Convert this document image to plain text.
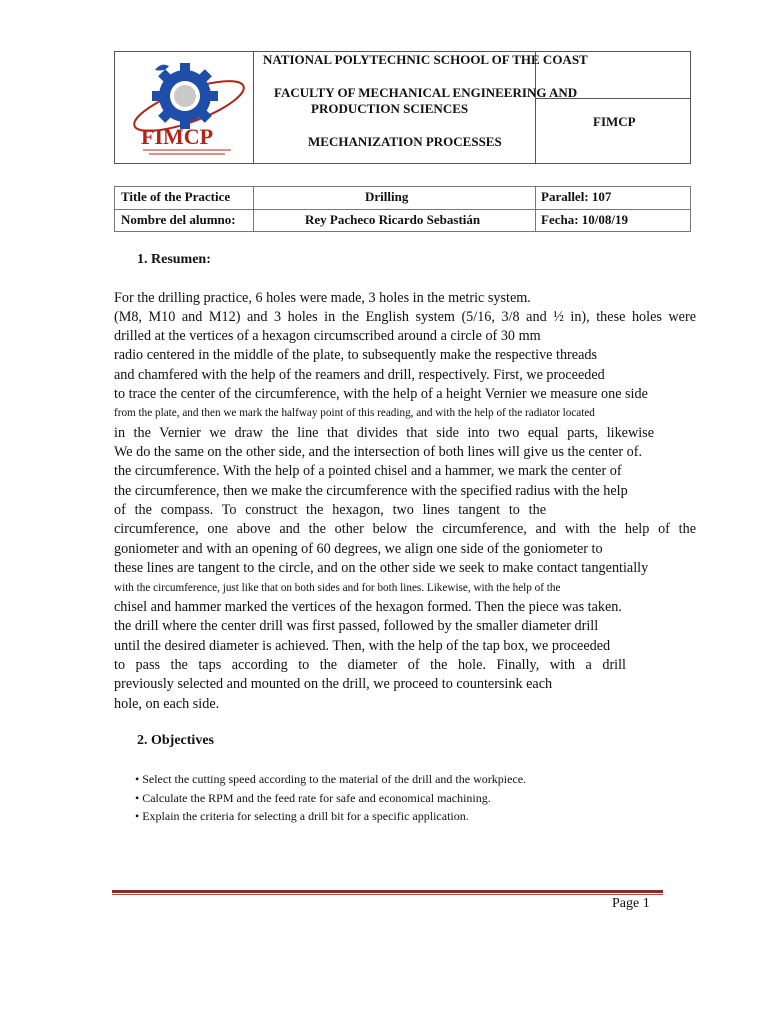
FIMCP
NATIONAL POLYTECHNIC SCHOOL OF THE COAST
FACULTY OF MECHANICAL ENGINEERING AND
PRODUCTION SCIENCES
MECHANIZATION PROCESSES
FIMCP
Title of the Practice	Drilling	Parallel: 107
Nombre del alumno:	Rey Pacheco Ricardo Sebastián	Fecha: 10/08/19
1. Resumen:
For the drilling practice, 6 holes were made, 3 holes in the metric system.
(M8, M10 and M12) and 3 holes in the English system (5/16, 3/8 and ½ in), these holes were
drilled at the vertices of a hexagon circumscribed around a circle of 30 mm
radio centered in the middle of the plate, to subsequently make the respective threads
and chamfered with the help of the reamers and drill, respectively. First, we proceeded
to trace the center of the circumference, with the help of a height Vernier we measure one side
from the plate, and then we mark the halfway point of this reading, and with the help of the radiator located
in the Vernier we draw the line that divides that side into two equal parts, likewise
We do the same on the other side, and the intersection of both lines will give us the center of.
the circumference. With the help of a pointed chisel and a hammer, we mark the center of
the circumference, then we make the circumference with the specified radius with the help
of the compass. To construct the hexagon, two lines tangent to the
circumference, one above and the other below the circumference, and with the help of the
goniometer and with an opening of 60 degrees, we align one side of the goniometer to
these lines are tangent to the circle, and on the other side we seek to make contact tangentially
with the circumference, just like that on both sides and for both lines. Likewise, with the help of the
chisel and hammer marked the vertices of the hexagon formed. Then the piece was taken.
the drill where the center drill was first passed, followed by the smaller diameter drill
until the desired diameter is achieved. Then, with the help of the tap box, we proceeded
to pass the taps according to the diameter of the hole. Finally, with a drill
previously selected and mounted on the drill, we proceed to countersink each
hole, on each side.
2. Objectives
• Select the cutting speed according to the material of the drill and the workpiece.
• Calculate the RPM and the feed rate for safe and economical machining.
• Explain the criteria for selecting a drill bit for a specific application.
Page 1
